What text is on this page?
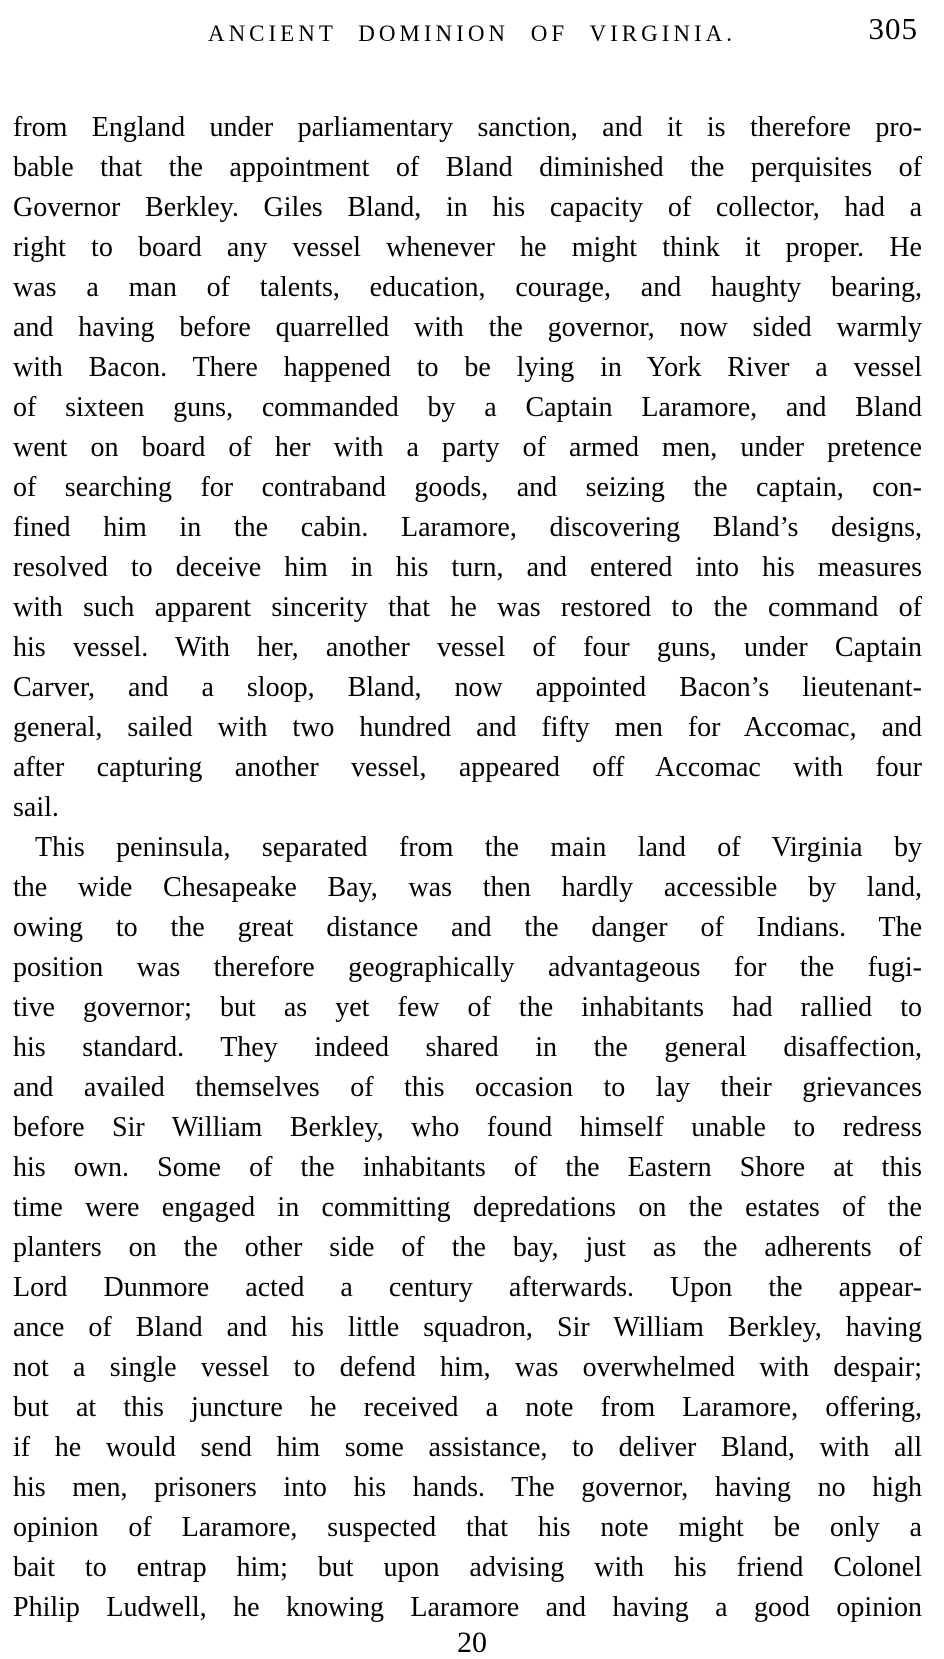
ANCIENT DOMINION OF VIRGINIA.	305
from England under parliamentary sanction, and it is therefore pro-
bable that the appointment of Bland diminished the perquisites of
Governor Berkley. Giles Bland, in his capacity of collector, had a
right to board any vessel whenever he might think it proper. He
was a man of talents, education, courage, and haughty bearing,
and having before quarrelled with the governor, now sided warmly
with Bacon. There happened to be lying in York River a vessel
of sixteen guns, commanded by a Captain Laramore, and Bland
went on board of her with a party of armed men, under pretence
of searching for contraband goods, and seizing the captain, con-
fined him in the cabin. Laramore, discovering Bland’s designs,
resolved to deceive him in his turn, and entered into his measures
with such apparent sincerity that he was restored to the command of
his vessel. With her, another vessel of four guns, under Captain
Carver, and a sloop, Bland, now appointed Bacon’s lieutenant-
general, sailed with two hundred and fifty men for Accomac, and
after capturing another vessel, appeared off Accomac with four
sail.
This peninsula, separated from the main land of Virginia by
the wide Chesapeake Bay, was then hardly accessible by land,
owing to the great distance and the danger of Indians. The
position was therefore geographically advantageous for the fugi-
tive governor; but as yet few of the inhabitants had rallied to
his standard. They indeed shared in the general disaffection,
and availed themselves of this occasion to lay their grievances
before Sir William Berkley, who found himself unable to redress
his own. Some of the inhabitants of the Eastern Shore at this
time were engaged in committing depredations on the estates of the
planters on the other side of the bay, just as the adherents of
Lord Dunmore acted a century afterwards. Upon the appear-
ance of Bland and his little squadron, Sir William Berkley, having
not a single vessel to defend him, was overwhelmed with despair;
but at this juncture he received a note from Laramore, offering,
if he would send him some assistance, to deliver Bland, with all
his men, prisoners into his hands. The governor, having no high
opinion of Laramore, suspected that his note might be only a
bait to entrap him; but upon advising with his friend Colonel
Philip Ludwell, he knowing Laramore and having a good opinion
20
